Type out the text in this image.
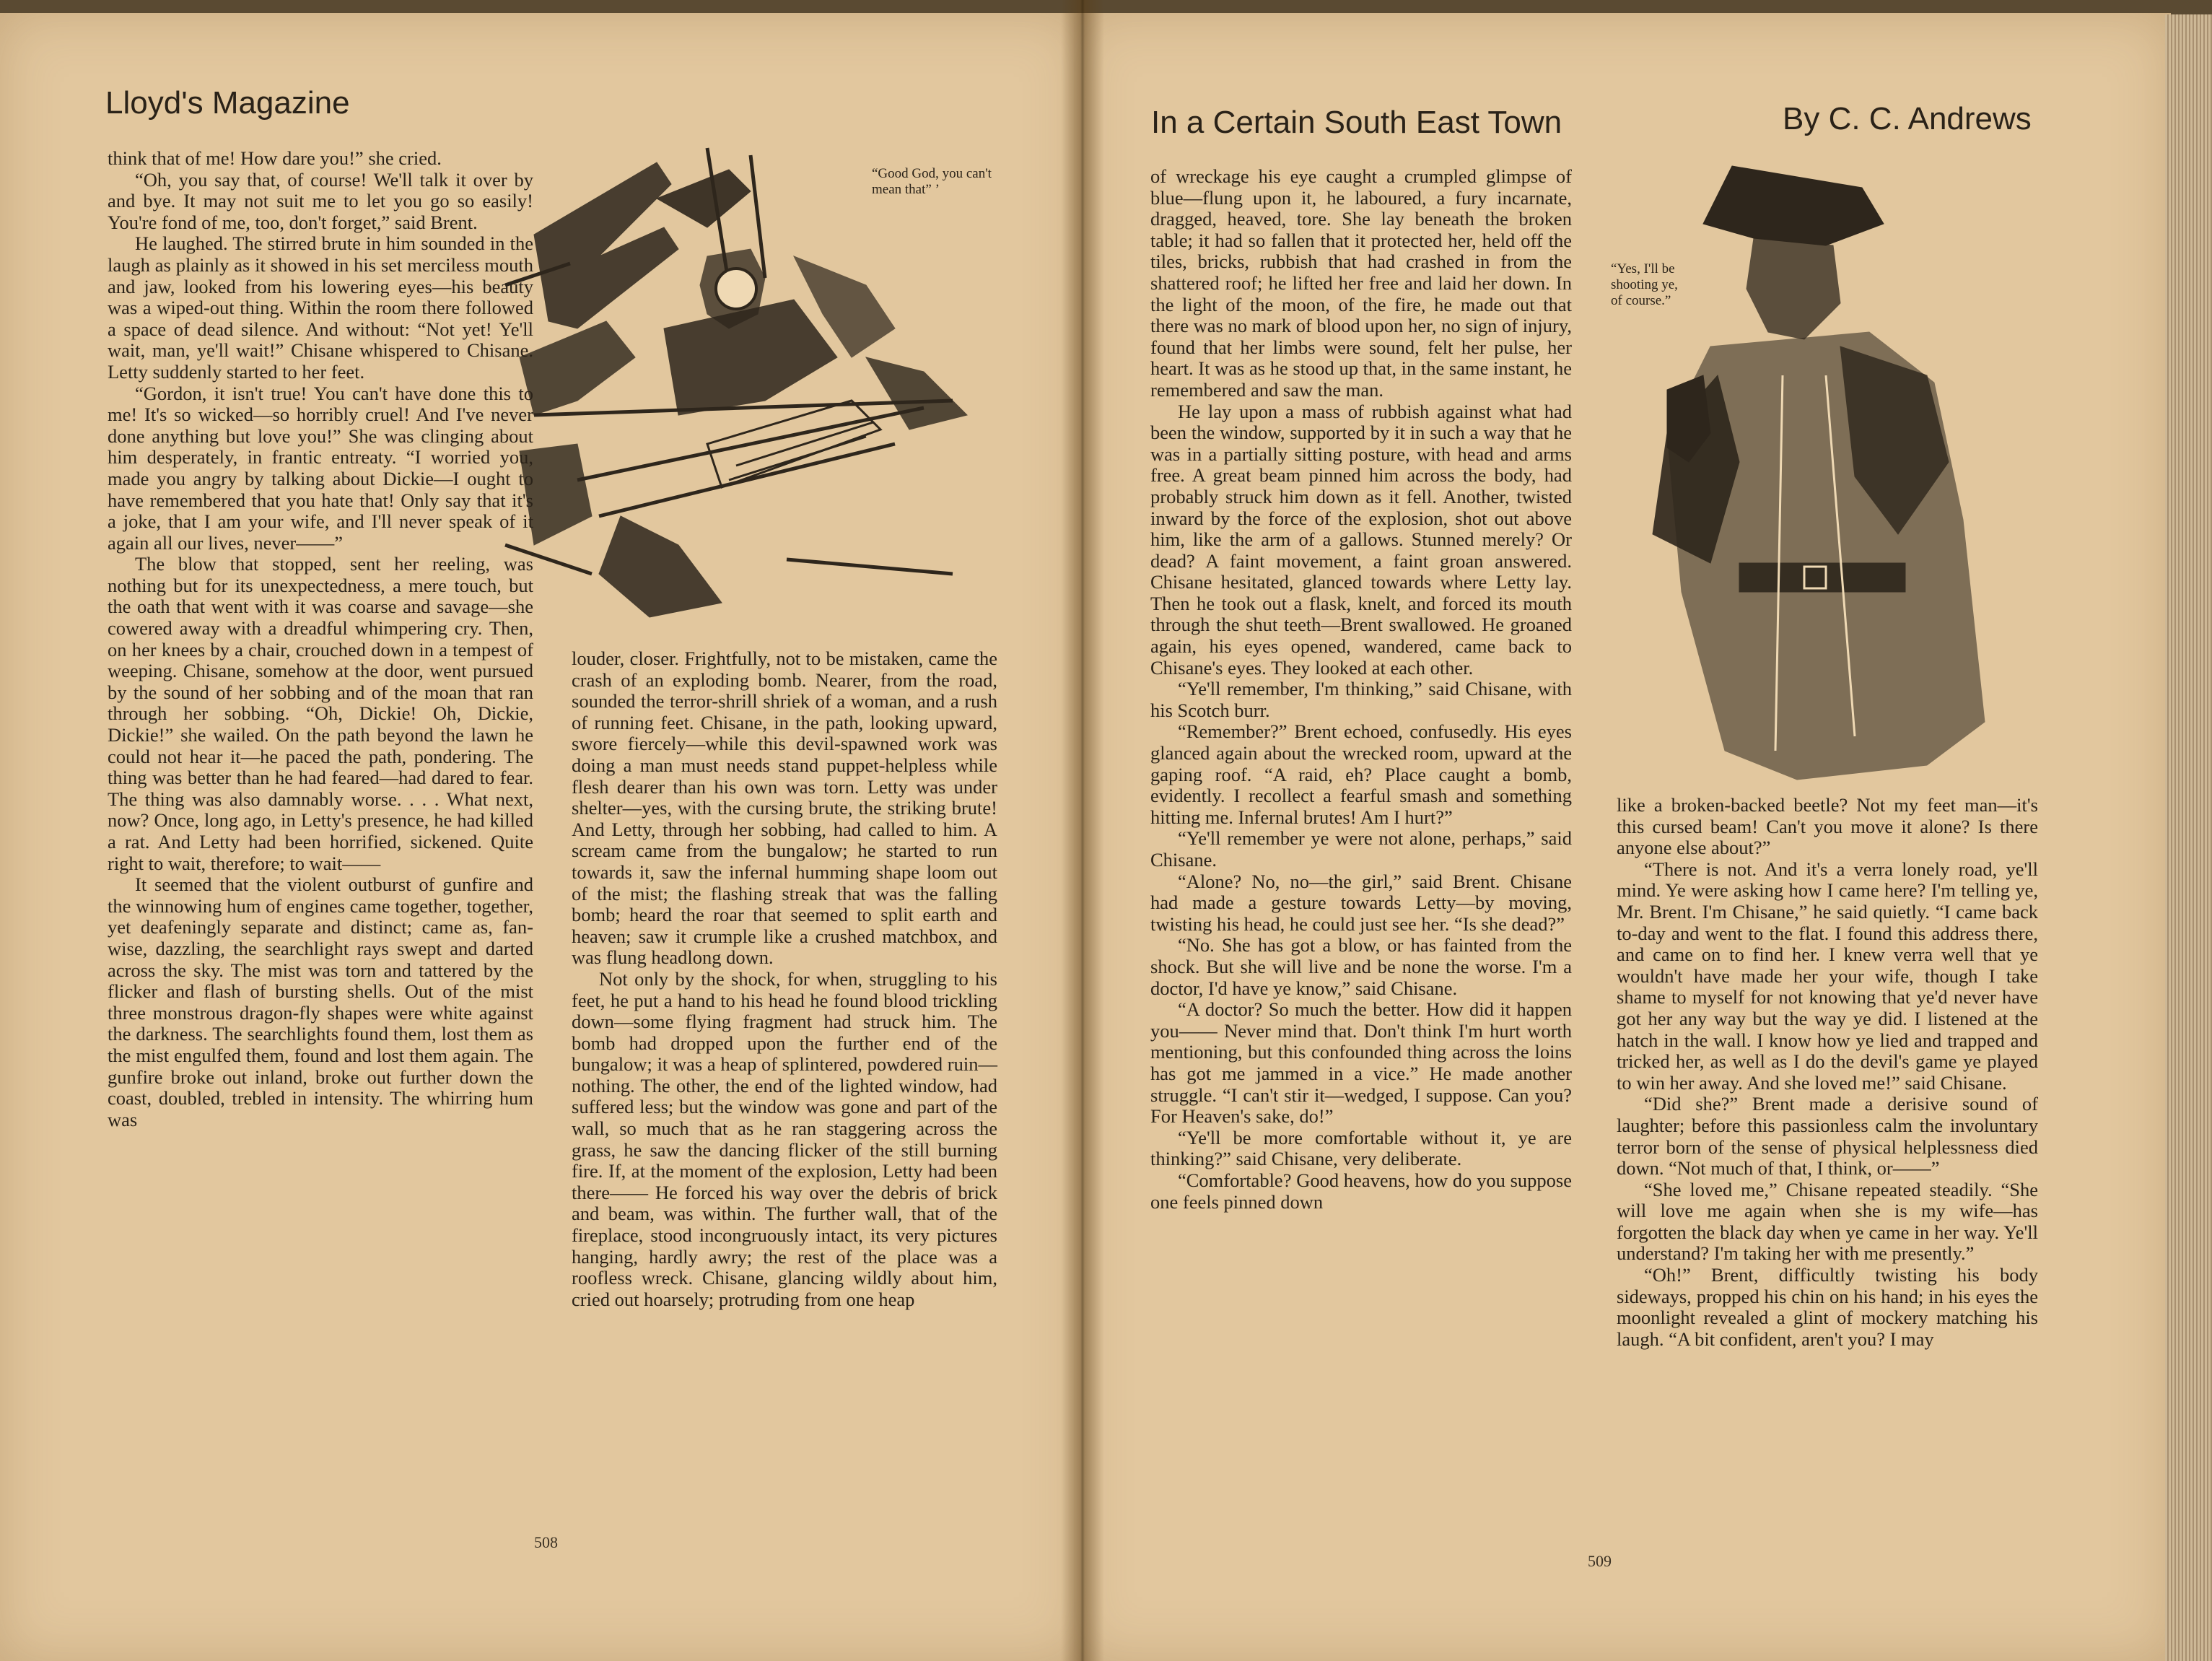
Lloyd's Magazine
“Good God, you can't mean that” ’

think that of me! How dare you!” she cried.

“Oh, you say that, of course! We'll talk it over by and bye. It may not suit me to let you go so easily! You're fond of me, too, don't forget,” said Brent.

He laughed. The stirred brute in him sounded in the laugh as plainly as it showed in his set merciless mouth and jaw, looked from his lowering eyes—his beauty was a wiped-out thing. Within the room there followed a space of dead silence. And without: “Not yet! Ye'll wait, man, ye'll wait!” Chisane whispered to Chisane. Letty suddenly started to her feet.

“Gordon, it isn't true! You can't have done this to me! It's so wicked—so horribly cruel! And I've never done anything but love you!” She was clinging about him desperately, in frantic entreaty. “I worried you, made you angry by talking about Dickie—I ought to have remembered that you hate that! Only say that it's a joke, that I am your wife, and I'll never speak of it again all our lives, never——”

The blow that stopped, sent her reeling, was nothing but for its unexpectedness, a mere touch, but the oath that went with it was coarse and savage—she cowered away with a dreadful whimpering cry. Then, on her knees by a chair, crouched down in a tempest of weeping. Chisane, somehow at the door, went pursued by the sound of her sobbing and of the moan that ran through her sobbing. “Oh, Dickie! Oh, Dickie, Dickie!” she wailed. On the path beyond the lawn he could not hear it—he paced the path, pondering. The thing was better than he had feared—had dared to fear. The thing was also damnably worse. . . . What next, now? Once, long ago, in Letty's presence, he had killed a rat. And Letty had been horrified, sickened. Quite right to wait, therefore; to wait——

It seemed that the violent outburst of gunfire and the winnowing hum of engines came together, together, yet deafeningly separate and distinct; came as, fan-wise, dazzling, the searchlight rays swept and darted across the sky. The mist was torn and tattered by the flicker and flash of bursting shells. Out of the mist three monstrous dragon-fly shapes were white against the darkness. The searchlights found them, lost them as the mist engulfed them, found and lost them again. The gunfire broke out inland, broke out further down the coast, doubled, trebled in intensity. The whirring hum was

louder, closer. Frightfully, not to be mistaken, came the crash of an exploding bomb. Nearer, from the road, sounded the terror-shrill shriek of a woman, and a rush of running feet. Chisane, in the path, looking upward, swore fiercely—while this devil-spawned work was doing a man must needs stand puppet-helpless while flesh dearer than his own was torn. Letty was under shelter—yes, with the cursing brute, the striking brute! And Letty, through her sobbing, had called to him. A scream came from the bungalow; he started to run towards it, saw the infernal humming shape loom out of the mist; the flashing streak that was the falling bomb; heard the roar that seemed to split earth and heaven; saw it crumple like a crushed matchbox, and was flung headlong down.

Not only by the shock, for when, struggling to his feet, he put a hand to his head he found blood trickling down—some flying fragment had struck him. The bomb had dropped upon the further end of the bungalow; it was a heap of splintered, powdered ruin—nothing. The other, the end of the lighted window, had suffered less; but the window was gone and part of the wall, so much that as he ran staggering across the grass, he saw the dancing flicker of the still burning fire. If, at the moment of the explosion, Letty had been there—— He forced his way over the debris of brick and beam, was within. The further wall, that of the fireplace, stood incongruously intact, its very pictures hanging, hardly awry; the rest of the place was a roofless wreck. Chisane, glancing wildly about him, cried out hoarsely; protruding from one heap

508
In a Certain South East Town	By C. C. Andrews
“Yes, I'll be shooting ye, of course.”

of wreckage his eye caught a crumpled glimpse of blue—flung upon it, he laboured, a fury incarnate, dragged, heaved, tore. She lay beneath the broken table; it had so fallen that it protected her, held off the tiles, bricks, rubbish that had crashed in from the shattered roof; he lifted her free and laid her down. In the light of the moon, of the fire, he made out that there was no mark of blood upon her, no sign of injury, found that her limbs were sound, felt her pulse, her heart. It was as he stood up that, in the same instant, he remembered and saw the man.

He lay upon a mass of rubbish against what had been the window, supported by it in such a way that he was in a partially sitting posture, with head and arms free. A great beam pinned him across the body, had probably struck him down as it fell. Another, twisted inward by the force of the explosion, shot out above him, like the arm of a gallows. Stunned merely? Or dead? A faint movement, a faint groan answered. Chisane hesitated, glanced towards where Letty lay. Then he took out a flask, knelt, and forced its mouth through the shut teeth—Brent swallowed. He groaned again, his eyes opened, wandered, came back to Chisane's eyes. They looked at each other.

“Ye'll remember, I'm thinking,” said Chisane, with his Scotch burr.

“Remember?” Brent echoed, confusedly. His eyes glanced again about the wrecked room, upward at the gaping roof. “A raid, eh? Place caught a bomb, evidently. I recollect a fearful smash and something hitting me. Infernal brutes! Am I hurt?”

“Ye'll remember ye were not alone, perhaps,” said Chisane.

“Alone? No, no—the girl,” said Brent. Chisane had made a gesture towards Letty—by moving, twisting his head, he could just see her. “Is she dead?”

“No. She has got a blow, or has fainted from the shock. But she will live and be none the worse. I'm a doctor, I'd have ye know,” said Chisane.

“A doctor? So much the better. How did it happen you—— Never mind that. Don't think I'm hurt worth mentioning, but this confounded thing across the loins has got me jammed in a vice.” He made another struggle. “I can't stir it—wedged, I suppose. Can you? For Heaven's sake, do!”

“Ye'll be more comfortable without it, ye are thinking?” said Chisane, very deliberate.

“Comfortable? Good heavens, how do you suppose one feels pinned down

like a broken-backed beetle? Not my feet man—it's this cursed beam! Can't you move it alone? Is there anyone else about?”

“There is not. And it's a verra lonely road, ye'll mind. Ye were asking how I came here? I'm telling ye, Mr. Brent. I'm Chisane,” he said quietly. “I came back to-day and went to the flat. I found this address there, and came on to find her. I knew verra well that ye wouldn't have made her your wife, though I take shame to myself for not knowing that ye'd never have got her any way but the way ye did. I listened at the hatch in the wall. I know how ye lied and trapped and tricked her, as well as I do the devil's game ye played to win her away. And she loved me!” said Chisane.

“Did she?” Brent made a derisive sound of laughter; before this passionless calm the involuntary terror born of the sense of physical helplessness died down. “Not much of that, I think, or——”

“She loved me,” Chisane repeated steadily. “She will love me again when she is my wife—has forgotten the black day when ye came in her way. Ye'll understand? I'm taking her with me presently.”

“Oh!” Brent, difficultly twisting his body sideways, propped his chin on his hand; in his eyes the moonlight revealed a glint of mockery matching his laugh. “A bit confident, aren't you? I may

509
